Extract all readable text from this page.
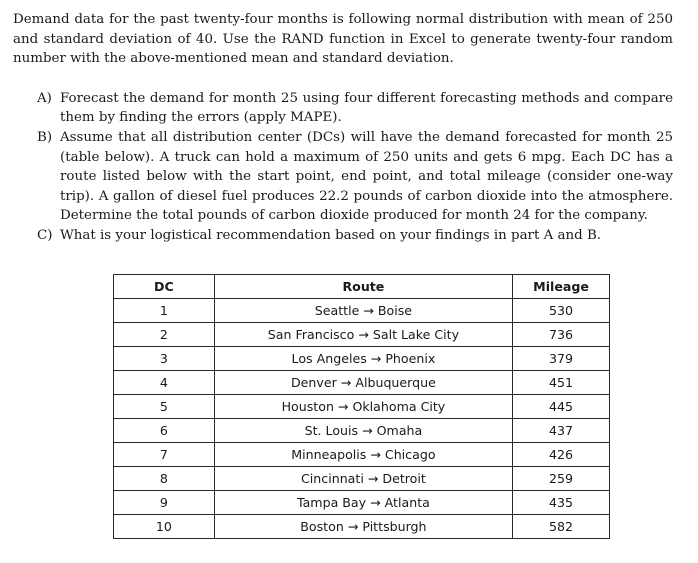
Demand data for the past twenty-four months is following normal distribution with mean of 250 and standard deviation of 40. Use the RAND function in Excel to generate twenty-four random number with the above-mentioned mean and standard deviation.

A) Forecast the demand for month 25 using four different forecasting methods and compare them by finding the errors (apply MAPE).
B) Assume that all distribution center (DCs) will have the demand forecasted for month 25 (table below). A truck can hold a maximum of 250 units and gets 6 mpg. Each DC has a route listed below with the start point, end point, and total mileage (consider one-way trip). A gallon of diesel fuel produces 22.2 pounds of carbon dioxide into the atmosphere. Determine the total pounds of carbon dioxide produced for month 24 for the company.
C) What is your logistical recommendation based on your findings in part A and B.
DC	Route	Mileage
1	Seattle → Boise	530
2	San Francisco → Salt Lake City	736
3	Los Angeles → Phoenix	379
4	Denver → Albuquerque	451
5	Houston → Oklahoma City	445
6	St. Louis → Omaha	437
7	Minneapolis → Chicago	426
8	Cincinnati → Detroit	259
9	Tampa Bay → Atlanta	435
10	Boston → Pittsburgh	582
